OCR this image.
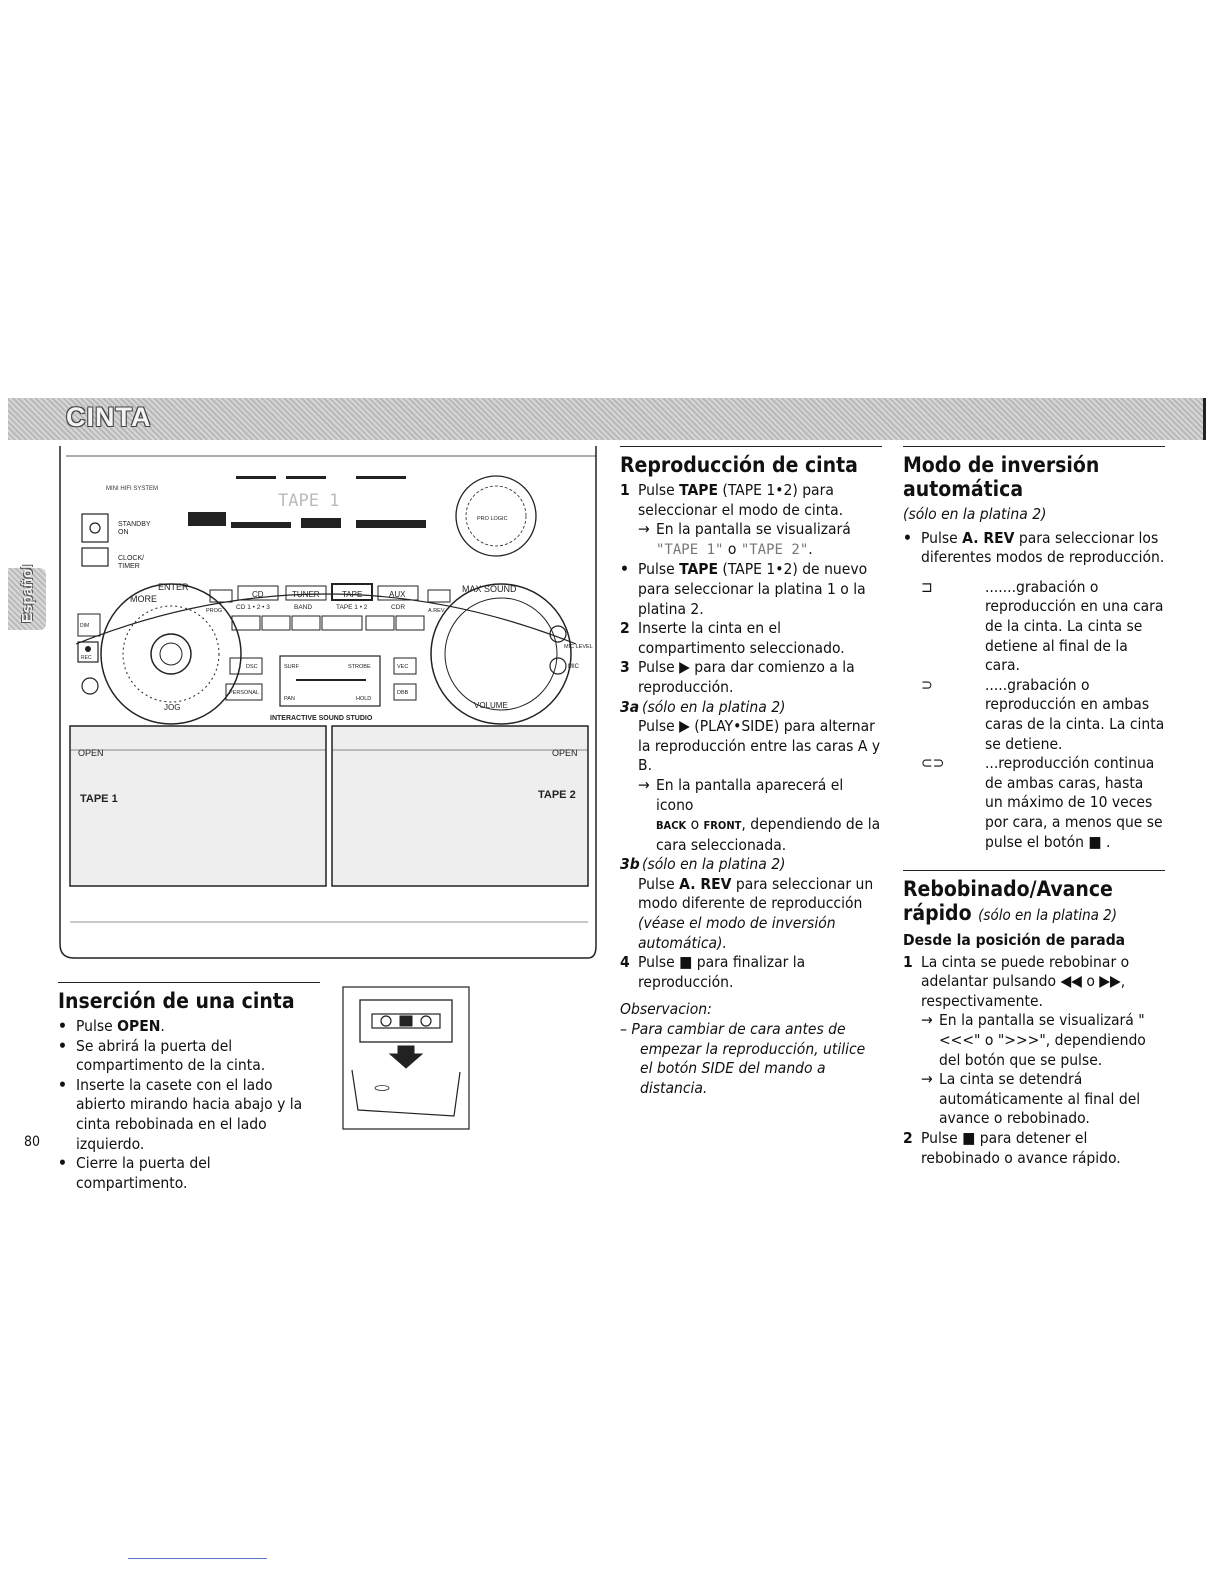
CINTA
Español
MINI HIFI SYSTEM
TAPE 1
STANDBY
ON
CLOCK/
TIMER
PRO LOGIC
MORE
ENTER	MAX SOUND
PROG
CD
CD 1 • 2 • 3
TUNER
BAND
TAPE
TAPE 1 • 2
AUX
CDR	A.REV
DIM
REC
MIC LEVEL
MIC
JOG	VOLUME
DSC
PERSONAL
SURF	STROBE
PAN	HOLD
VEC
DBB
INTERACTIVE SOUND STUDIO
OPEN	OPEN
TAPE 1	TAPE 2
Inserción de una cinta
• Pulse OPEN.
• Se abrirá la puerta del compartimento de la cinta.
• Inserte la casete con el lado abierto mirando hacia abajo y la cinta rebobinada en el lado izquierdo.
• Cierre la puerta del compartimento.
Reproducción de cinta
1 Pulse TAPE (TAPE 1•2) para seleccionar el modo de cinta.
→ En la pantalla se visualizará "TAPE 1" o "TAPE 2".
• Pulse TAPE (TAPE 1•2) de nuevo para seleccionar la platina 1 o la platina 2.
2 Inserte la cinta en el compartimento seleccionado.
3 Pulse ▶ para dar comienzo a la reproducción.
3a (sólo en la platina 2)
Pulse ▶ (PLAY•SIDE) para alternar la reproducción entre las caras A y B.
→ En la pantalla aparecerá el icono
BACK o FRONT, dependiendo de la cara seleccionada.
3b (sólo en la platina 2)
Pulse A. REV para seleccionar un modo diferente de reproducción (véase el modo de inversión automática).
4 Pulse ■ para finalizar la reproducción.
Observacion:
– Para cambiar de cara antes de empezar la reproducción, utilice el botón SIDE del mando a distancia.
Modo de inversión automática
(sólo en la platina 2)
• Pulse A. REV para seleccionar los diferentes modos de reproducción.
⊐	.......grabación o reproducción en una cara de la cinta. La cinta se detiene al final de la cara.
⊃	.....grabación o reproducción en ambas caras de la cinta. La cinta se detiene.
⊂⊃	...reproducción continua de ambas caras, hasta un máximo de 10 veces por cara, a menos que se pulse el botón ■ .
Rebobinado/Avance rápido (sólo en la platina 2)
Desde la posición de parada
1 La cinta se puede rebobinar o adelantar pulsando ◀◀ o ▶▶, respectivamente.
→ En la pantalla se visualizará "<<<" o ">>>", dependiendo del botón que se pulse.
→ La cinta se detendrá automáticamente al final del avance o rebobinado.
2 Pulse ■ para detener el rebobinado o avance rápido.
80
